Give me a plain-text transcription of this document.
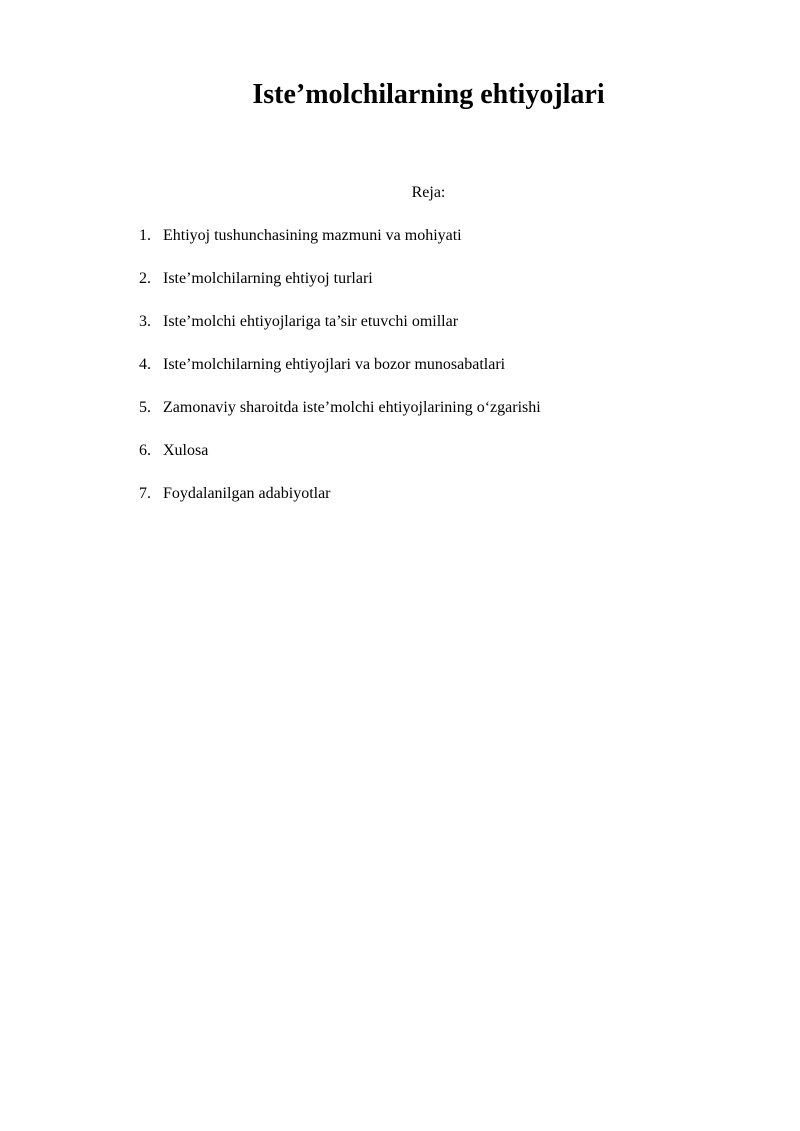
Iste’molchilarning ehtiyojlari

Reja:

1. Ehtiyoj tushunchasining mazmuni va mohiyati
2. Iste’molchilarning ehtiyoj turlari
3. Iste’molchi ehtiyojlariga ta’sir etuvchi omillar
4. Iste’molchilarning ehtiyojlari va bozor munosabatlari
5. Zamonaviy sharoitda iste’molchi ehtiyojlarining o‘zgarishi
6. Xulosa
7. Foydalanilgan adabiyotlar
